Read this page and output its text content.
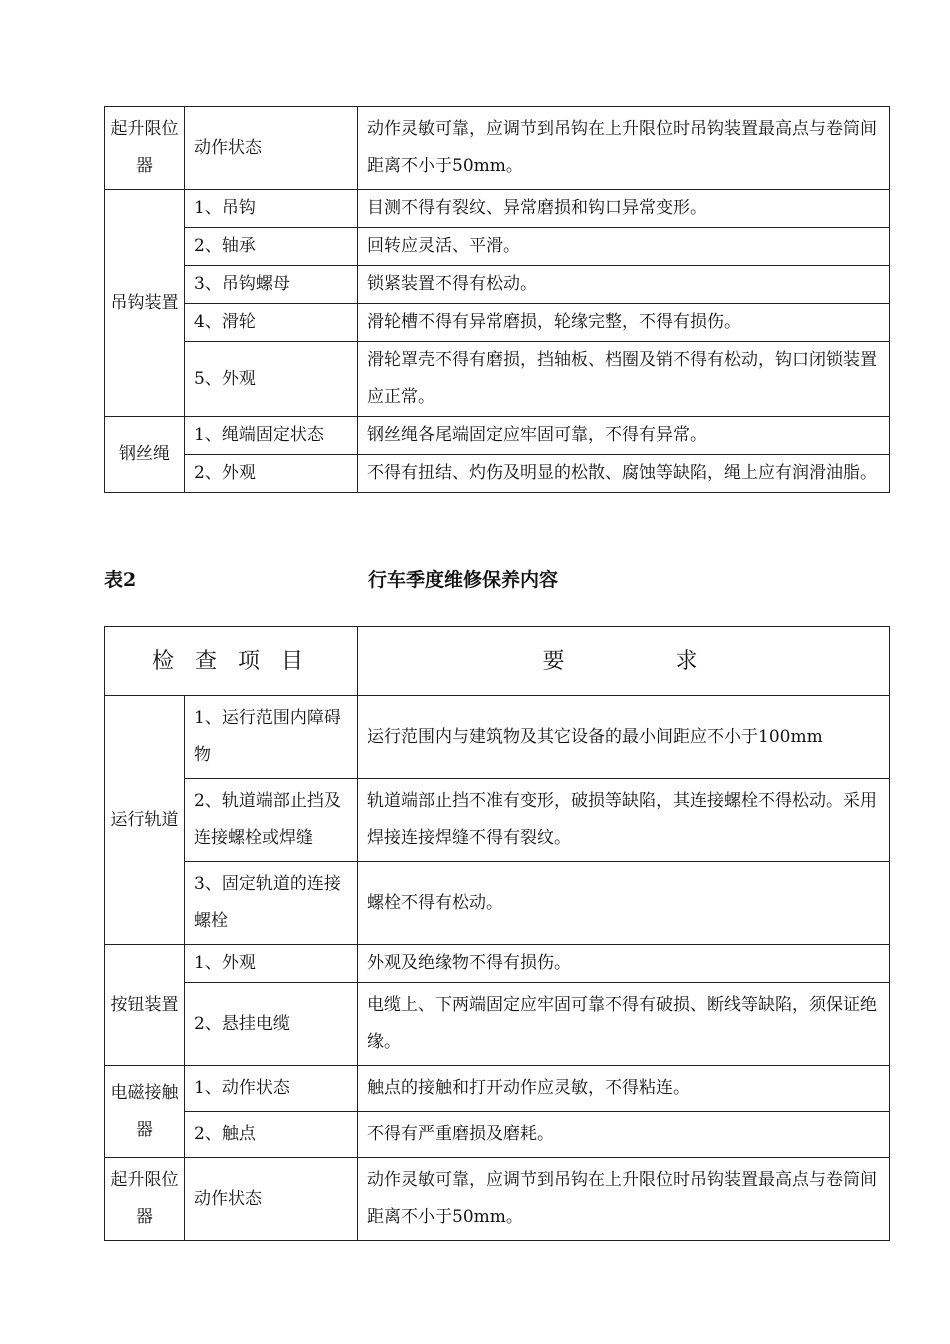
起升限位器	动作状态	动作灵敏可靠，应调节到吊钩在上升限位时吊钩装置最高点与卷筒间距离不小于50mm。
吊钩装置	1、吊钩	目测不得有裂纹、异常磨损和钩口异常变形。
	2、轴承	回转应灵活、平滑。
	3、吊钩螺母	锁紧装置不得有松动。
	4、滑轮	滑轮槽不得有异常磨损，轮缘完整，不得有损伤。
	5、外观	滑轮罩壳不得有磨损，挡轴板、档圈及销不得有松动，钩口闭锁装置应正常。
钢丝绳	1、绳端固定状态	钢丝绳各尾端固定应牢固可靠，不得有异常。
	2、外观	不得有扭结、灼伤及明显的松散、腐蚀等缺陷，绳上应有润滑油脂。
表2	行车季度维修保养内容
检 查 项 目		要 求
运行轨道	1、运行范围内障碍物	运行范围内与建筑物及其它设备的最小间距应不小于100mm
	2、轨道端部止挡及连接螺栓或焊缝	轨道端部止挡不准有变形，破损等缺陷，其连接螺栓不得松动。采用焊接连接焊缝不得有裂纹。
	3、固定轨道的连接螺栓	螺栓不得有松动。
按钮装置	1、外观	外观及绝缘物不得有损伤。
	2、悬挂电缆	电缆上、下两端固定应牢固可靠不得有破损、断线等缺陷，须保证绝缘。
电磁接触器	1、动作状态	触点的接触和打开动作应灵敏，不得粘连。
	2、触点	不得有严重磨损及磨耗。
起升限位器	动作状态	动作灵敏可靠，应调节到吊钩在上升限位时吊钩装置最高点与卷筒间距离不小于50mm。
